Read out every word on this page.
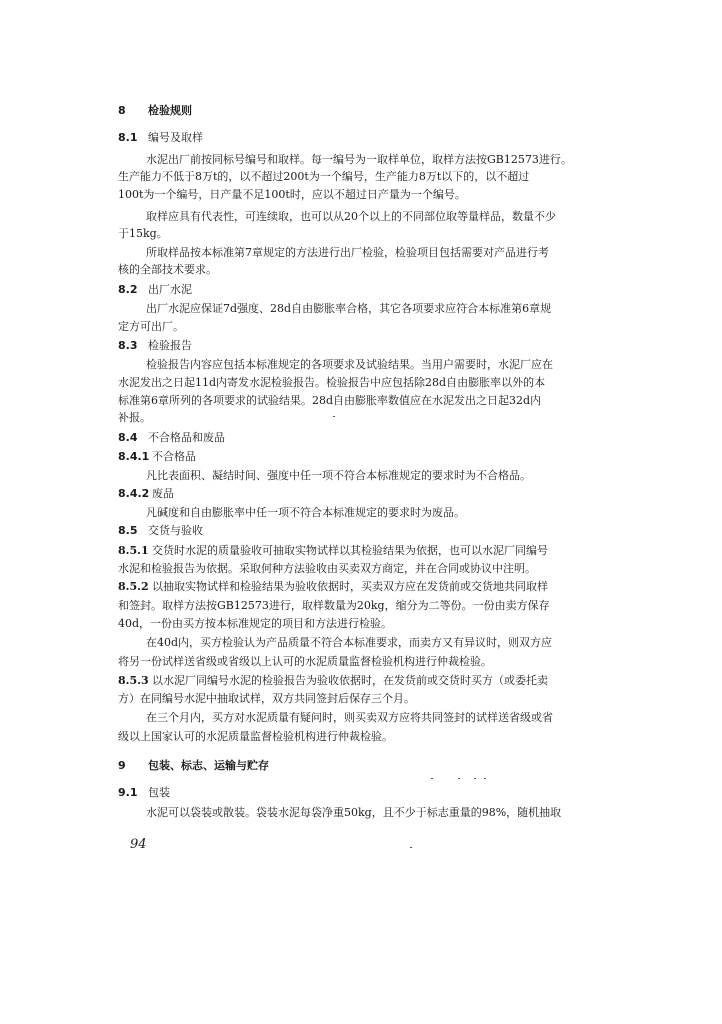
8 检验规则
8.1 编号及取样
水泥出厂前按同标号编号和取样。每一编号为一取样单位，取样方法按GB12573进行。
生产能力不低于8万t的，以不超过200t为一个编号，生产能力8万t以下的，以不超过
100t为一个编号，日产量不足100t时，应以不超过日产量为一个编号。
取样应具有代表性，可连续取，也可以从20个以上的不同部位取等量样品，数量不少
于15kg。
所取样品按本标准第7章规定的方法进行出厂检验，检验项目包括需要对产品进行考
核的全部技术要求。
8.2 出厂水泥
出厂水泥应保证7d强度、28d自由膨胀率合格，其它各项要求应符合本标准第6章规
定方可出厂。
8.3 检验报告
检验报告内容应包括本标准规定的各项要求及试验结果。当用户需要时，水泥厂应在
水泥发出之日起11d内寄发水泥检验报告。检验报告中应包括除28d自由膨胀率以外的本
标准第6章所列的各项要求的试验结果。28d自由膨胀率数值应在水泥发出之日起32d内
补报。
8.4 不合格品和废品
8.4.1 不合格品
凡比表面积、凝结时间、强度中任一项不符合本标准规定的要求时为不合格品。
8.4.2 废品
凡碱度和自由膨胀率中任一项不符合本标准规定的要求时为废品。
8.5 交货与验收
8.5.1 交货时水泥的质量验收可抽取实物试样以其检验结果为依据，也可以水泥厂同编号
水泥和检验报告为依据。采取何种方法验收由买卖双方商定，并在合同或协议中注明。
8.5.2 以抽取实物试样和检验结果为验收依据时，买卖双方应在发货前或交货地共同取样
和签封。取样方法按GB12573进行，取样数量为20kg，缩分为二等份。一份由卖方保存
40d，一份由买方按本标准规定的项目和方法进行检验。
在40d内，买方检验认为产品质量不符合本标准要求，而卖方又有异议时，则双方应
将另一份试样送省级或省级以上认可的水泥质量监督检验机构进行仲裁检验。
8.5.3 以水泥厂同编号水泥的检验报告为验收依据时，在发货前或交货时买方（或委托卖
方）在同编号水泥中抽取试样，双方共同签封后保存三个月。
在三个月内，买方对水泥质量有疑问时，则买卖双方应将共同签封的试样送省级或省
级以上国家认可的水泥质量监督检验机构进行仲裁检验。
9 包装、标志、运输与贮存
9.1 包装
水泥可以袋装或散装。袋装水泥每袋净重50kg，且不少于标志重量的98%，随机抽取
94
